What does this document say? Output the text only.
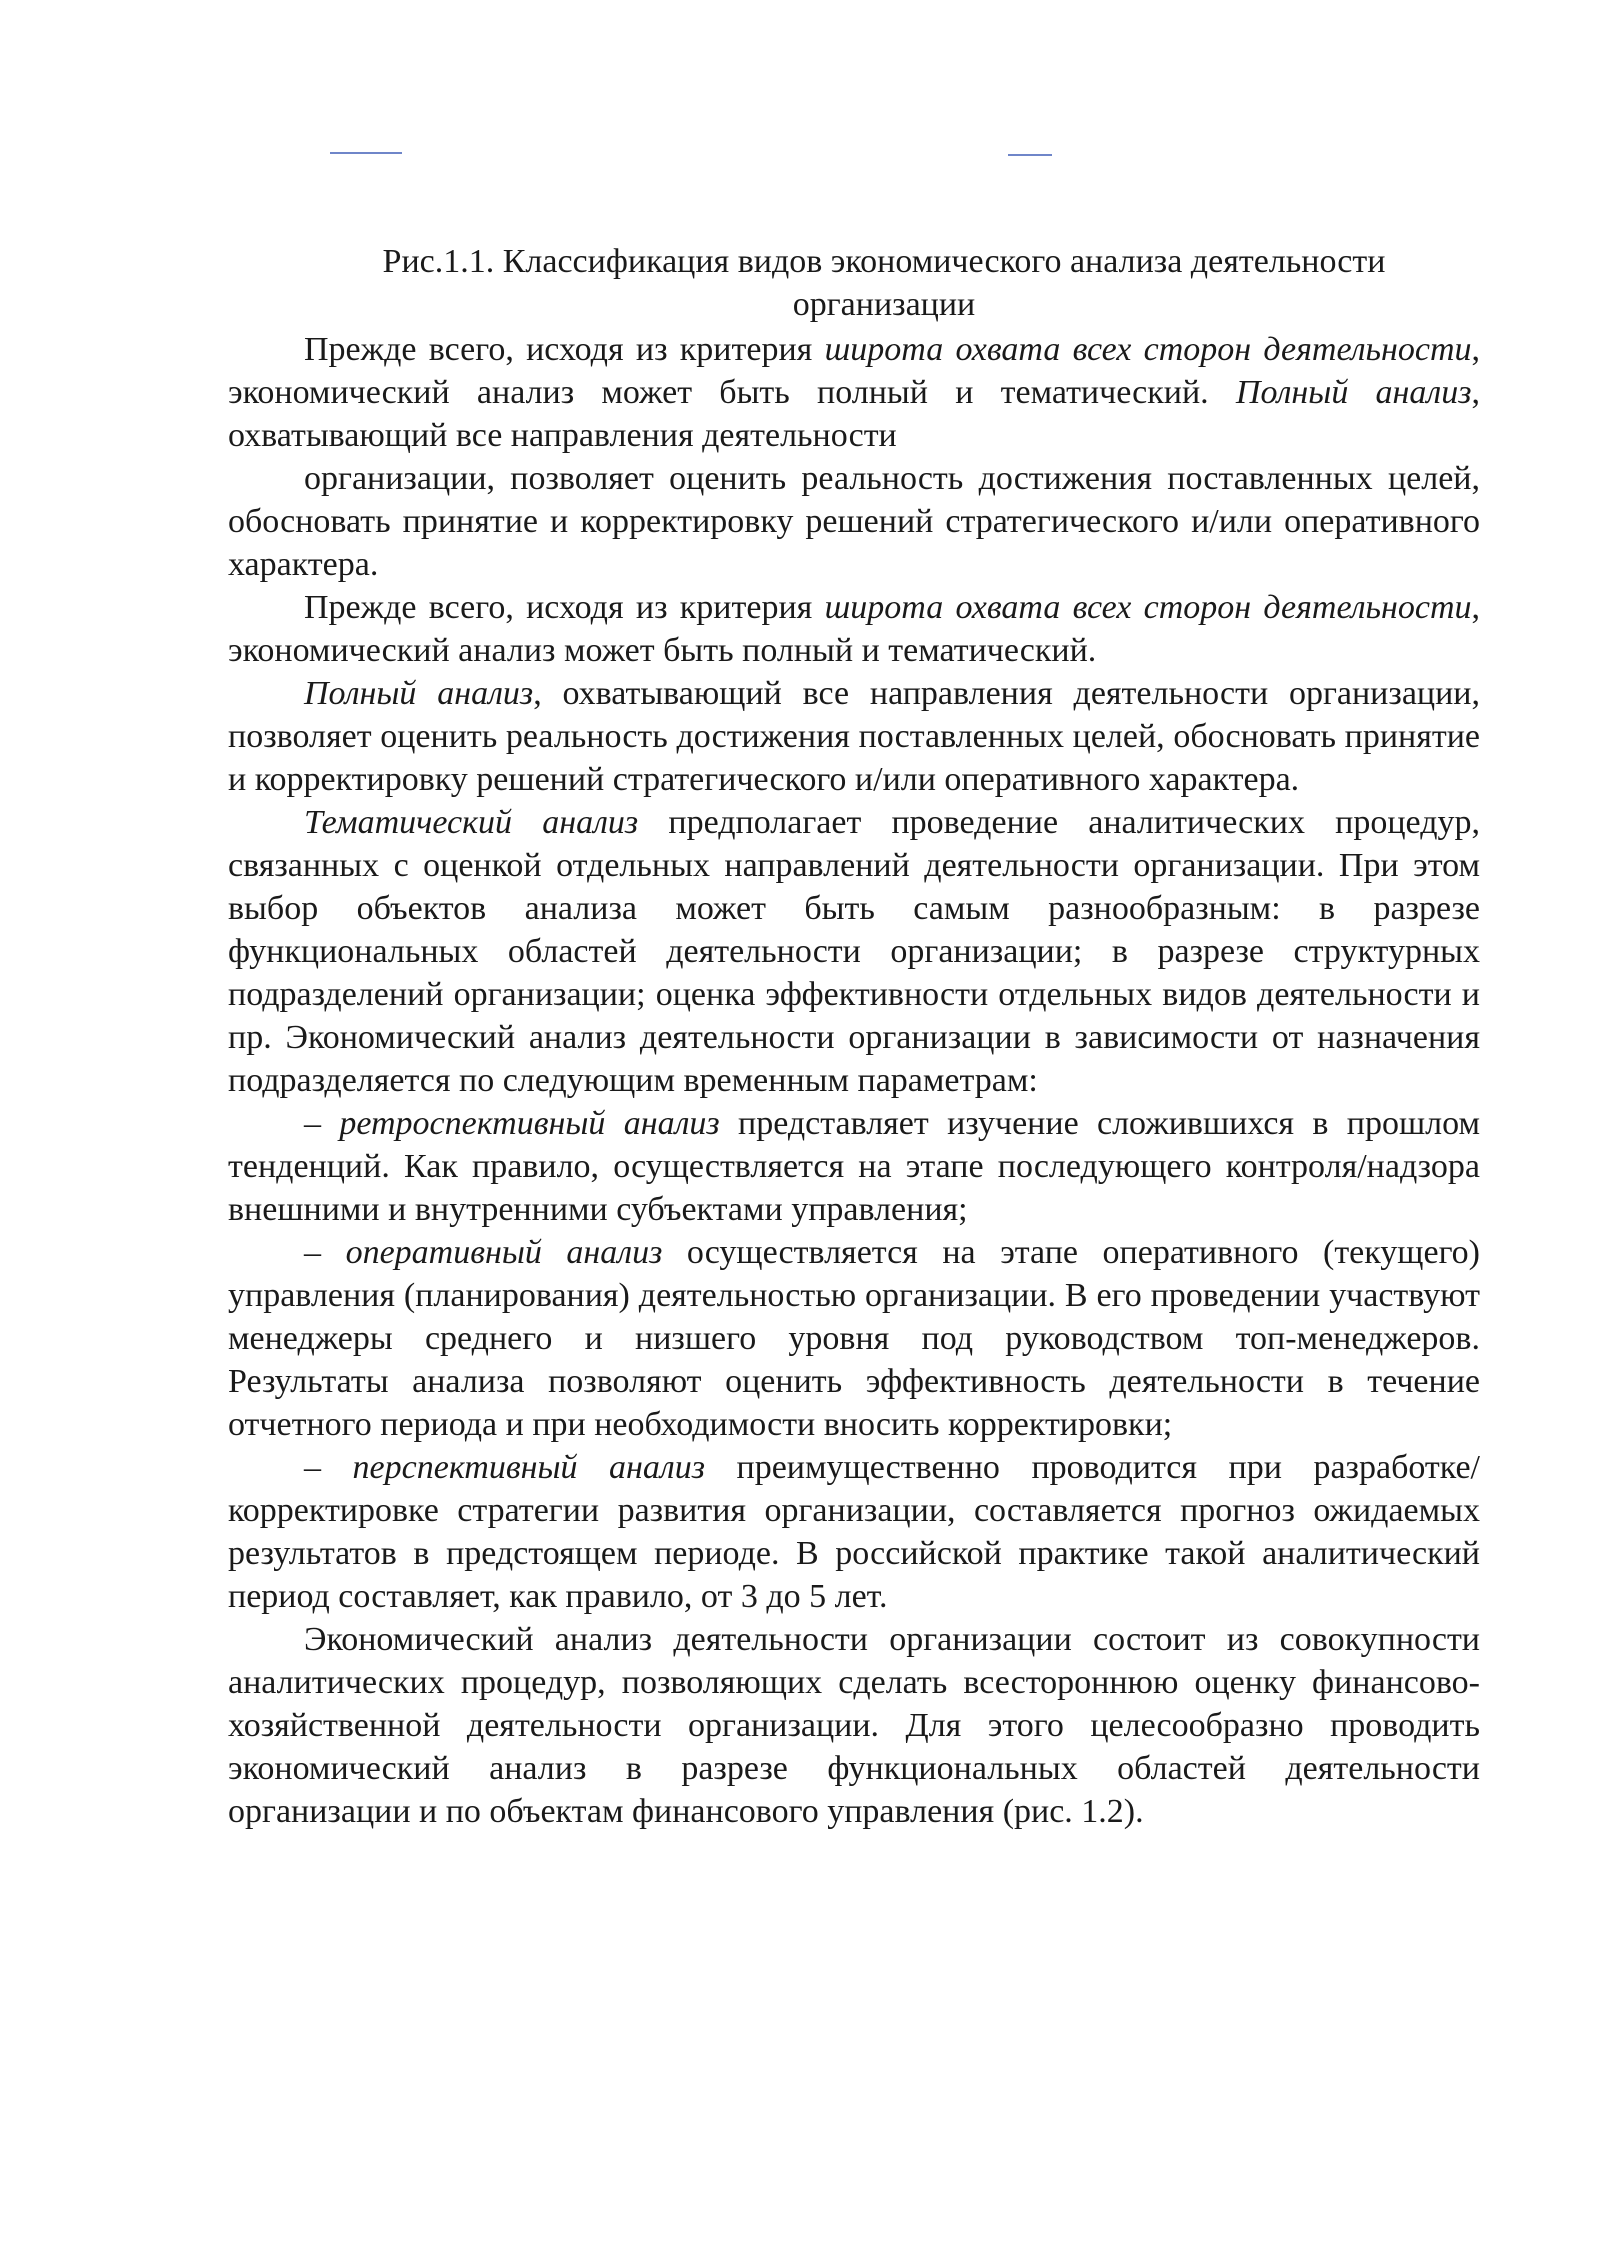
Рис.1.1. Классификация видов экономического анализа деятельности
организации

Прежде всего, исходя из критерия широта охвата всех сторон деятельности, экономический анализ может быть полный и тематический. Полный анализ, охватывающий все направления деятельности

организации, позволяет оценить реальность достижения поставленных целей, обосновать принятие и корректировку решений стратегического и/или оперативного характера.

Прежде всего, исходя из критерия широта охвата всех сторон деятельности, экономический анализ может быть полный и тематический.

Полный анализ, охватывающий все направления деятельности организации, позволяет оценить реальность достижения поставленных целей, обосновать принятие и корректировку решений стратегического и/или оперативного характера.

Тематический анализ предполагает проведение аналитических процедур, связанных с оценкой отдельных направлений деятельности организации. При этом выбор объектов анализа может быть самым разнообразным: в разрезе функциональных областей деятельности организации; в разрезе структурных подразделений организации; оценка эффективности отдельных видов деятельности и пр. Экономический анализ деятельности организации в зависимости от назначения подразделяется по следующим временным параметрам:

– ретроспективный анализ представляет изучение сложившихся в прошлом тенденций. Как правило, осуществляется на этапе последующего контроля/надзора внешними и внутренними субъектами управления;

– оперативный анализ осуществляется на этапе оперативного (текущего) управления (планирования) деятельностью организации. В его проведении участвуют менеджеры среднего и низшего уровня под руководством топ-менеджеров. Результаты анализа позволяют оценить эффективность деятельности в течение отчетного периода и при необходимости вносить корректировки;

– перспективный анализ преимущественно проводится при разработке/корректировке стратегии развития организации, составляется прогноз ожидаемых результатов в предстоящем периоде. В российской практике такой аналитический период составляет, как правило, от 3 до 5 лет.

Экономический анализ деятельности организации состоит из совокупности аналитических процедур, позволяющих сделать всестороннюю оценку финансово-хозяйственной деятельности организации. Для этого целесообразно проводить экономический анализ в разрезе функциональных областей деятельности организации и по объектам финансового управления (рис. 1.2).
